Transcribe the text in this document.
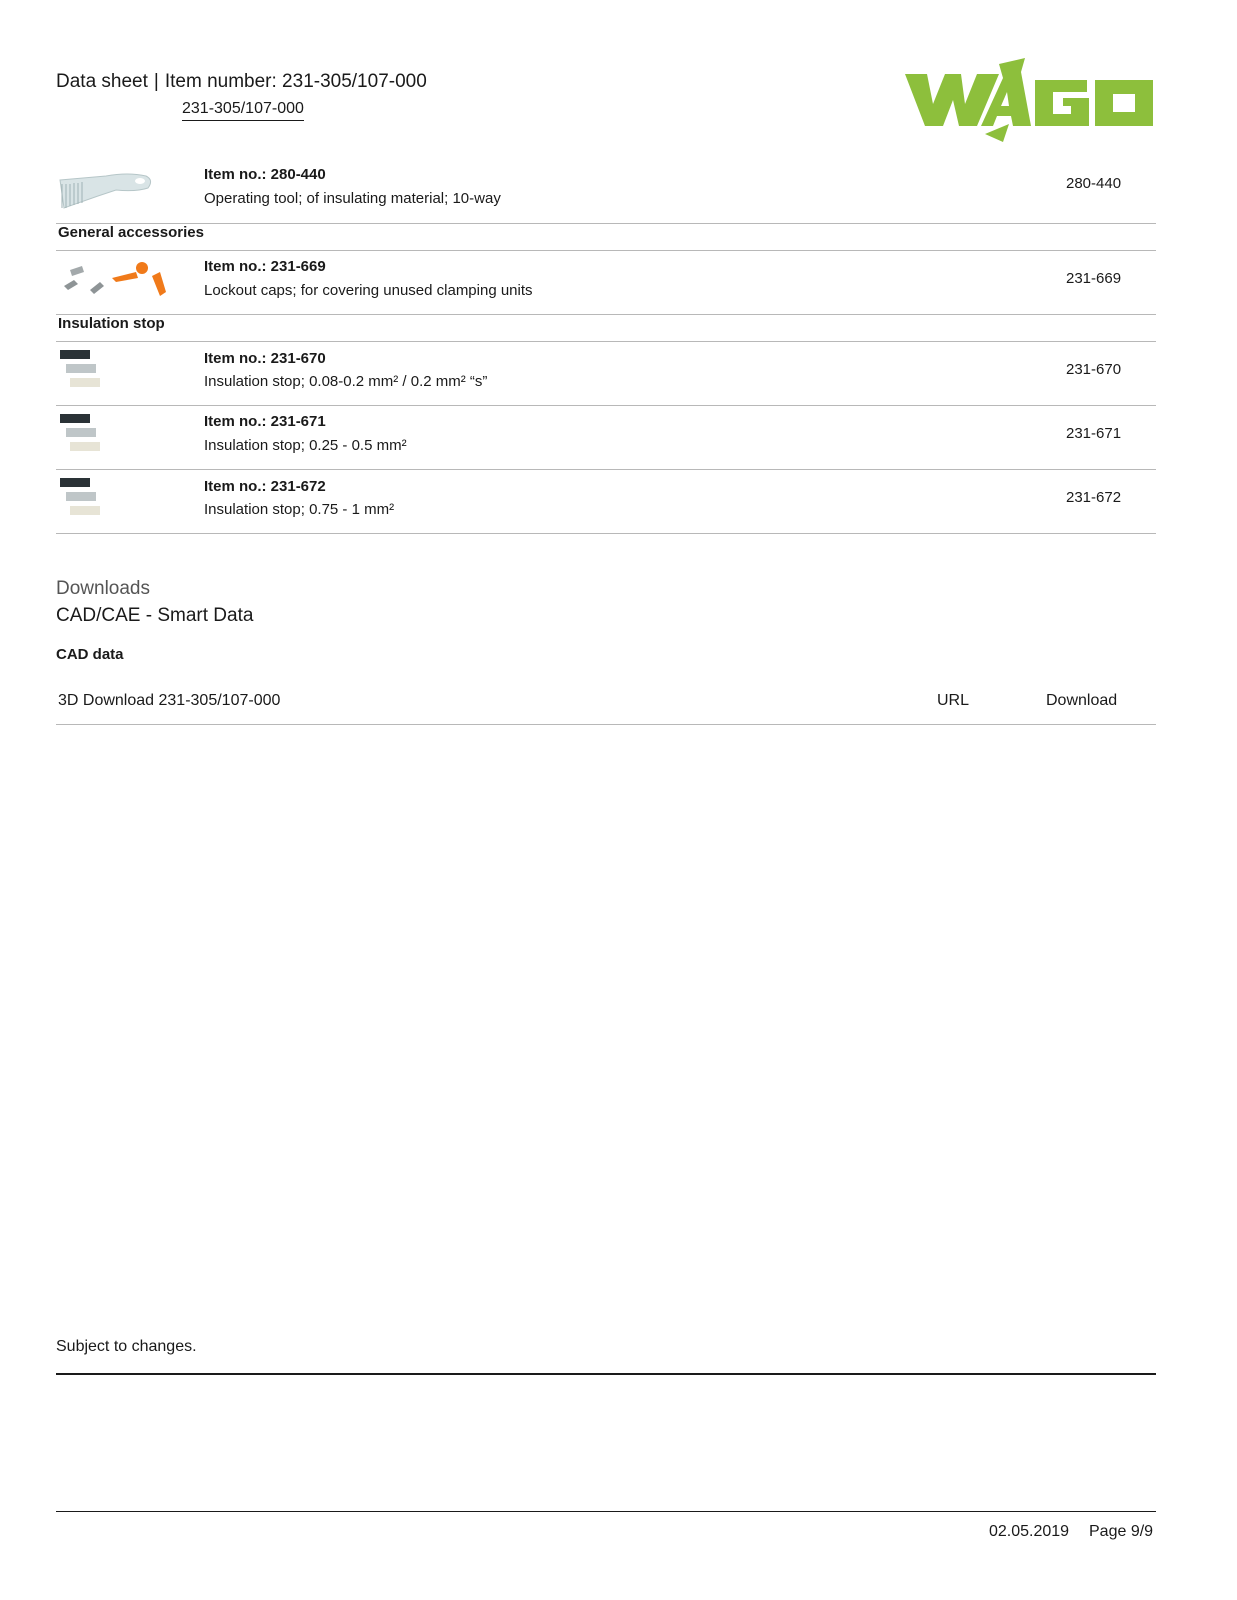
Data sheet | Item number: 231-305/107-000
231-305/107-000
Item no.: 280-440
Operating tool; of insulating material; 10-way
280-440
General accessories
Item no.: 231-669
Lockout caps; for covering unused clamping units
231-669
Insulation stop
Item no.: 231-670
Insulation stop; 0.08-0.2 mm² / 0.2 mm² “s”
231-670
Item no.: 231-671
Insulation stop; 0.25 - 0.5 mm²
231-671
Item no.: 231-672
Insulation stop; 0.75 - 1 mm²
231-672
Downloads
CAD/CAE - Smart Data
CAD data
3D Download 231-305/107-000	URL	Download
Subject to changes.
02.05.2019 Page 9/9
